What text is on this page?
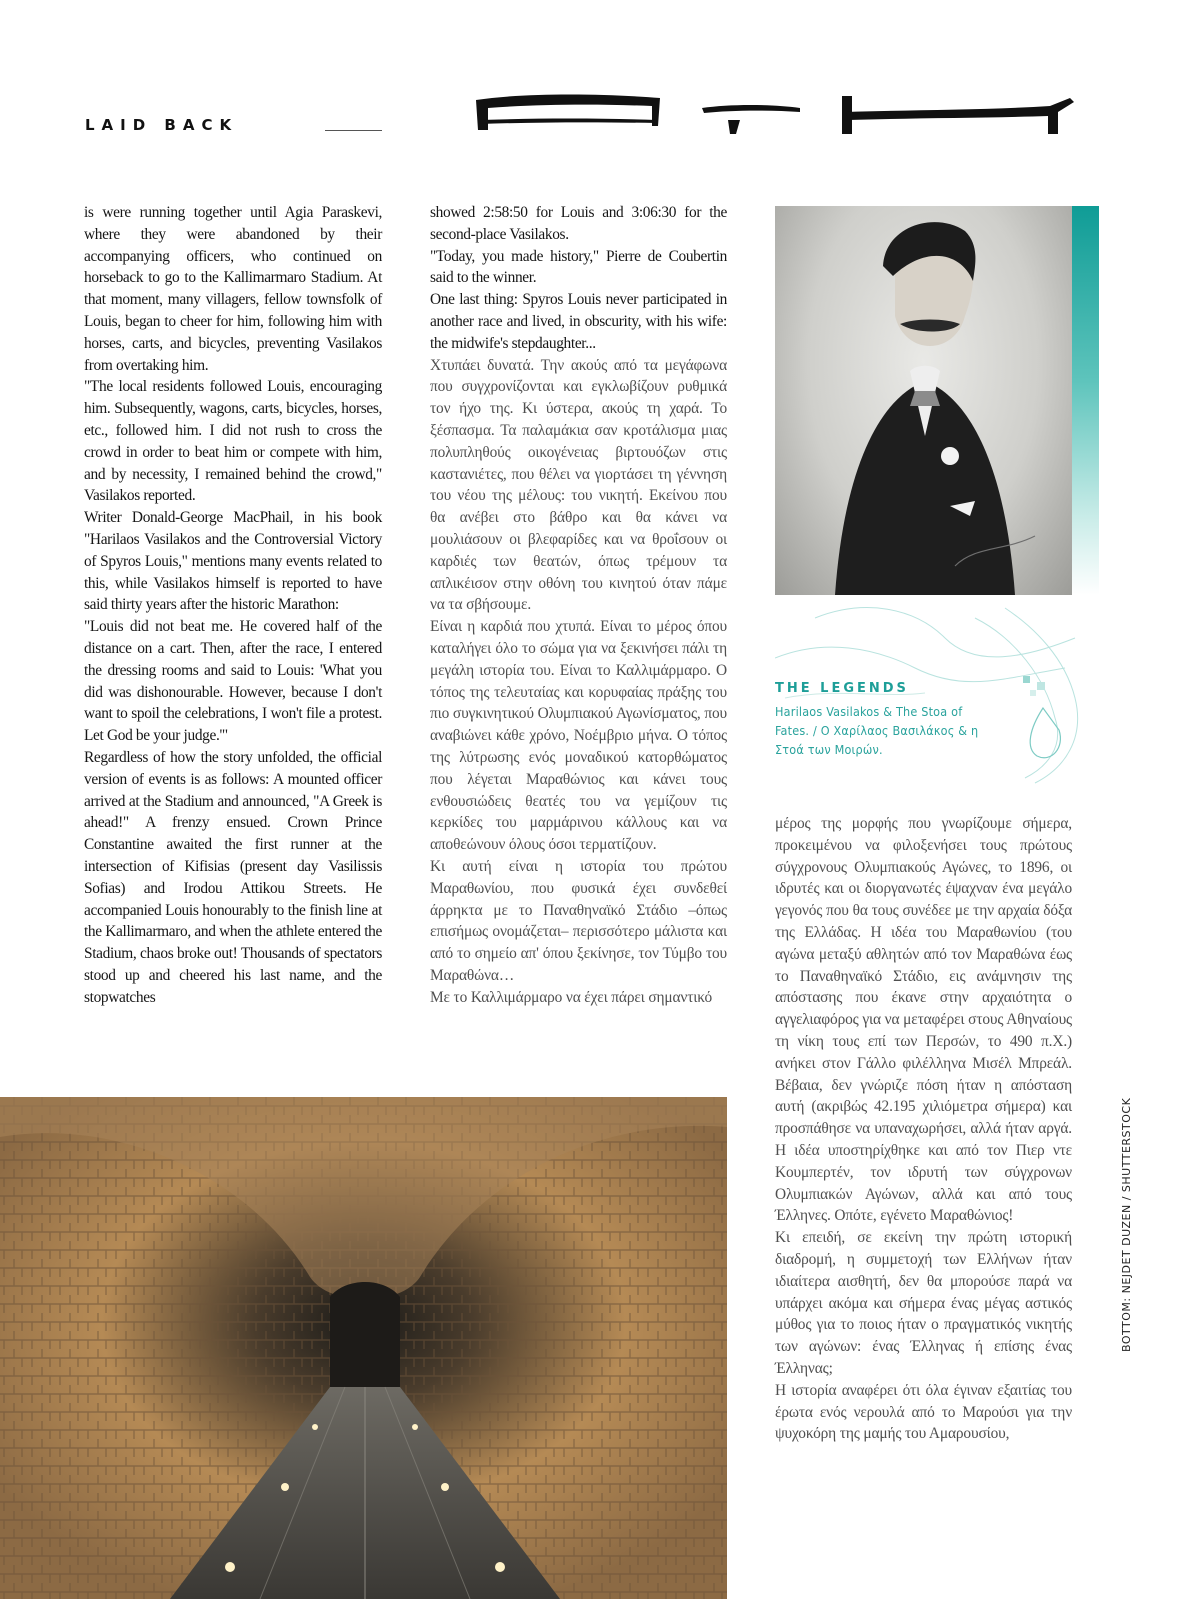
LAID BACK

is were running together until Agia Paraskevi, where they were abandoned by their accompanying officers, who continued on horseback to go to the Kallimarmaro Stadium. At that moment, many villagers, fellow townsfolk of Louis, began to cheer for him, following him with horses, carts, and bicycles, preventing Vasilakos from overtaking him.

"The local residents followed Louis, encouraging him. Subsequently, wagons, carts, bicycles, horses, etc., followed him. I did not rush to cross the crowd in order to beat him or compete with him, and by necessity, I remained behind the crowd," Vasilakos reported.

Writer Donald-George MacPhail, in his book "Harilaos Vasilakos and the Controversial Victory of Spyros Louis," mentions many events related to this, while Vasilakos himself is reported to have said thirty years after the historic Marathon:

"Louis did not beat me. He covered half of the distance on a cart. Then, after the race, I entered the dressing rooms and said to Louis: 'What you did was dishonourable. However, because I don't want to spoil the celebrations, I won't file a protest. Let God be your judge.'"

Regardless of how the story unfolded, the official version of events is as follows: A mounted officer arrived at the Stadium and announced, "A Greek is ahead!" A frenzy ensued. Crown Prince Constantine awaited the first runner at the intersection of Kifisias (present day Vasilissis Sofias) and Irodou Attikou Streets. He accompanied Louis honourably to the finish line at the Kallimarmaro, and when the athlete entered the Stadium, chaos broke out! Thousands of spectators stood up and cheered his last name, and the stopwatches

showed 2:58:50 for Louis and 3:06:30 for the second-place Vasilakos.

"Today, you made history," Pierre de Coubertin said to the winner.

One last thing: Spyros Louis never participated in another race and lived, in obscurity, with his wife: the midwife's stepdaughter...

Χτυπάει δυνατά. Την ακούς από τα μεγάφωνα που συγχρονίζονται και εγκλωβίζουν ρυθμικά τον ήχο της. Κι ύστερα, ακούς τη χαρά. Το ξέσπασμα. Τα παλαμάκια σαν κροτάλισμα μιας πολυπληθούς οικογένειας βιρτουόζων στις καστανιέτες, που θέλει να γιορτάσει τη γέννηση του νέου της μέλους: του νικητή. Εκείνου που θα ανέβει στο βάθρο και θα κάνει να μουλιάσουν οι βλεφαρίδες και να θροΐσουν οι καρδιές των θεατών, όπως τρέμουν τα απλικέισον στην οθόνη του κινητού όταν πάμε να τα σβήσουμε.

Είναι η καρδιά που χτυπά. Είναι το μέρος όπου καταλήγει όλο το σώμα για να ξεκινήσει πάλι τη μεγάλη ιστορία του. Είναι το Καλλιμάρμαρο. Ο τόπος της τελευταίας και κορυφαίας πράξης του πιο συγκινητικού Ολυμπιακού Αγωνίσματος, που αναβιώνει κάθε χρόνο, Νοέμβριο μήνα. Ο τόπος της λύτρωσης ενός μοναδικού κατορθώματος που λέγεται Μαραθώνιος και κάνει τους ενθουσιώδεις θεατές του να γεμίζουν τις κερκίδες του μαρμάρινου κάλλους και να αποθεώνουν όλους όσοι τερματίζουν.

Κι αυτή είναι η ιστορία του πρώτου Μαραθωνίου, που φυσικά έχει συνδεθεί άρρηκτα με το Παναθηναϊκό Στάδιο –όπως επισήμως ονομάζεται– περισσότερο μάλιστα και από το σημείο απ' όπου ξεκίνησε, τον Τύμβο του Μαραθώνα…

Με το Καλλιμάρμαρο να έχει πάρει σημαντικό

THE LEGENDS
Harilaos Vasilakos & The Stoa of Fates. / Ο Χαρίλαος Βασιλάκος & η Στοά των Μοιρών.

μέρος της μορφής που γνωρίζουμε σήμερα, προκειμένου να φιλοξενήσει τους πρώτους σύγχρονους Ολυμπιακούς Αγώνες, το 1896, οι ιδρυτές και οι διοργανωτές έψαχναν ένα μεγάλο γεγονός που θα τους συνέδεε με την αρχαία δόξα της Ελλάδας. Η ιδέα του Μαραθωνίου (του αγώνα μεταξύ αθλητών από τον Μαραθώνα έως το Παναθηναϊκό Στάδιο, εις ανάμνησιν της απόστασης που έκανε στην αρχαιότητα ο αγγελιαφόρος για να μεταφέρει στους Αθηναίους τη νίκη τους επί των Περσών, το 490 π.Χ.) ανήκει στον Γάλλο φιλέλληνα Μισέλ Μπρεάλ. Βέβαια, δεν γνώριζε πόση ήταν η απόσταση αυτή (ακριβώς 42.195 χιλιόμετρα σήμερα) και προσπάθησε να υπαναχωρήσει, αλλά ήταν αργά. Η ιδέα υποστηρίχθηκε και από τον Πιερ ντε Κουμπερτέν, τον ιδρυτή των σύγχρονων Ολυμπιακών Αγώνων, αλλά και από τους Έλληνες. Οπότε, εγένετο Μαραθώνιος!

Κι επειδή, σε εκείνη την πρώτη ιστορική διαδρομή, η συμμετοχή των Ελλήνων ήταν ιδιαίτερα αισθητή, δεν θα μπορούσε παρά να υπάρχει ακόμα και σήμερα ένας μέγας αστικός μύθος για το ποιος ήταν ο πραγματικός νικητής των αγώνων: ένας Έλληνας ή επίσης ένας Έλληνας;

Η ιστορία αναφέρει ότι όλα έγιναν εξαιτίας του έρωτα ενός νερουλά από το Μαρούσι για την ψυχοκόρη της μαμής του Αμαρουσίου,

BOTTOM: NEJDET DUZEN / SHUTTERSTOCK
